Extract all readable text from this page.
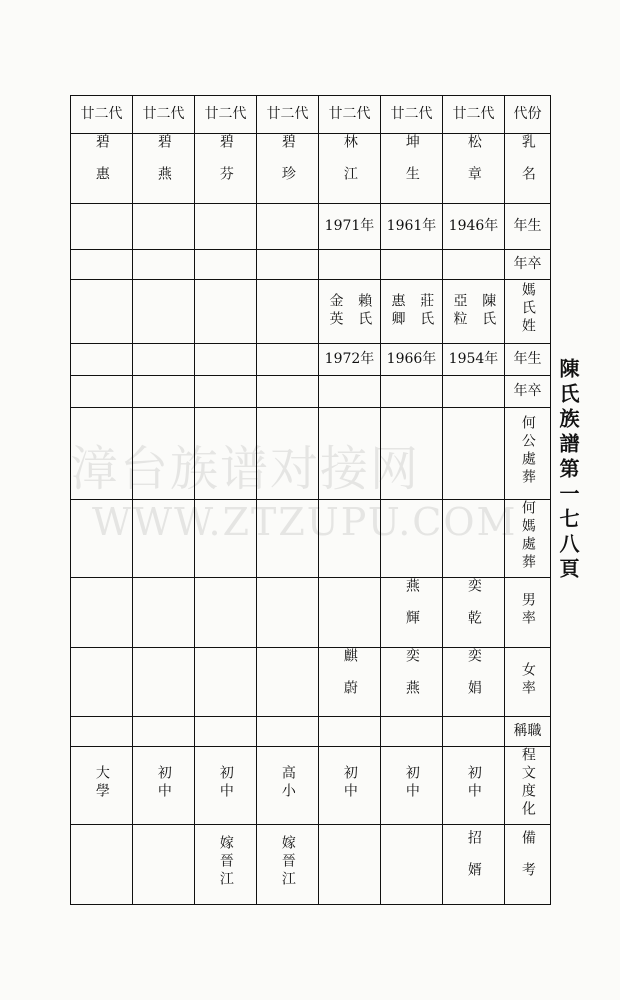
漳台族谱对接网
WWW.ZTZUPU.COM
廿二代	廿二代	廿二代	廿二代	廿二代	廿二代	廿二代	代份
碧惠	碧燕	碧芬	碧珍	林江	坤生	松章	乳名
				1971年	1961年	1946年	年生
							年卒

				金英 賴氏	惠卿 莊氏	亞粒 陳氏	媽氏姓
				1972年	1966年	1954年	年生
							年卒
							何公處葬
							何媽處葬
					燕輝	奕乾	男率
				麒蔚	奕燕	奕娟	女率
							稱職
大學	初中	初中	高小	初中	初中	初中	程文度化
		嫁晉江	嫁晉江			招婿	備考
陳氏族譜第一七八頁
